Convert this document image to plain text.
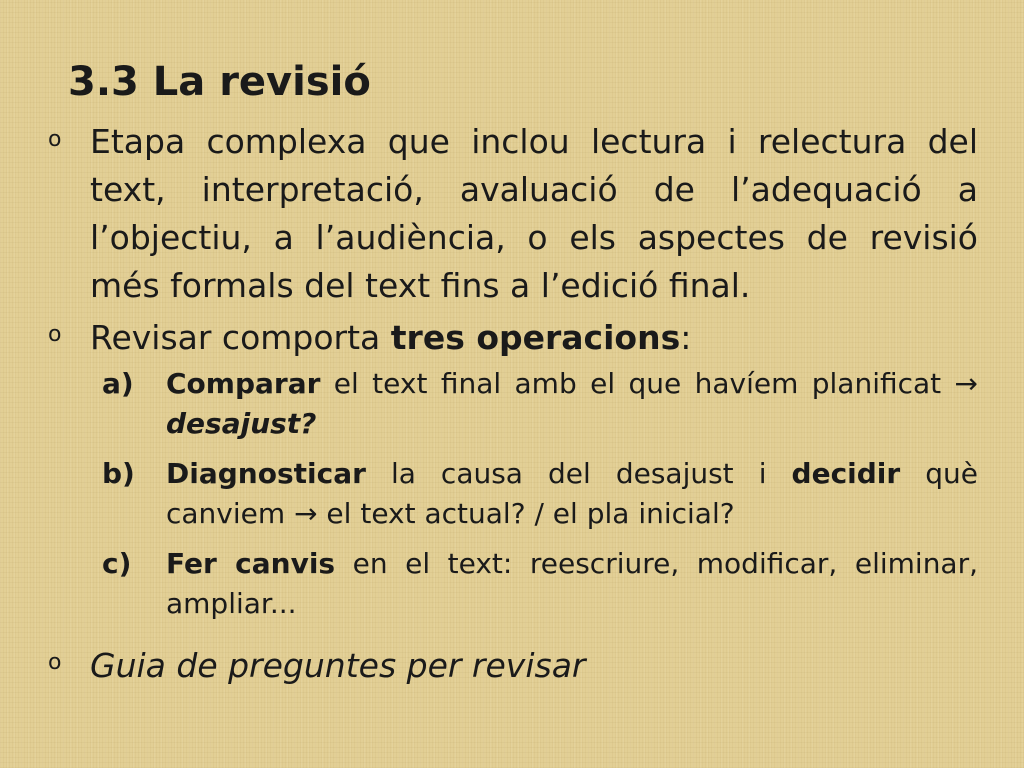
3.3 La revisió
o Etapa complexa que inclou lectura i relectura del text, interpretació, avaluació de l’adequació a l’objectiu, a l’audiència, o els aspectes de revisió més formals del text fins a l’edició final.
o Revisar comporta tres operacions:
a) Comparar el text final amb el que havíem planificat → desajust?
b) Diagnosticar la causa del desajust i decidir què canviem → el text actual? / el pla inicial?
c) Fer canvis en el text: reescriure, modificar, eliminar, ampliar...
o Guia de preguntes per revisar
